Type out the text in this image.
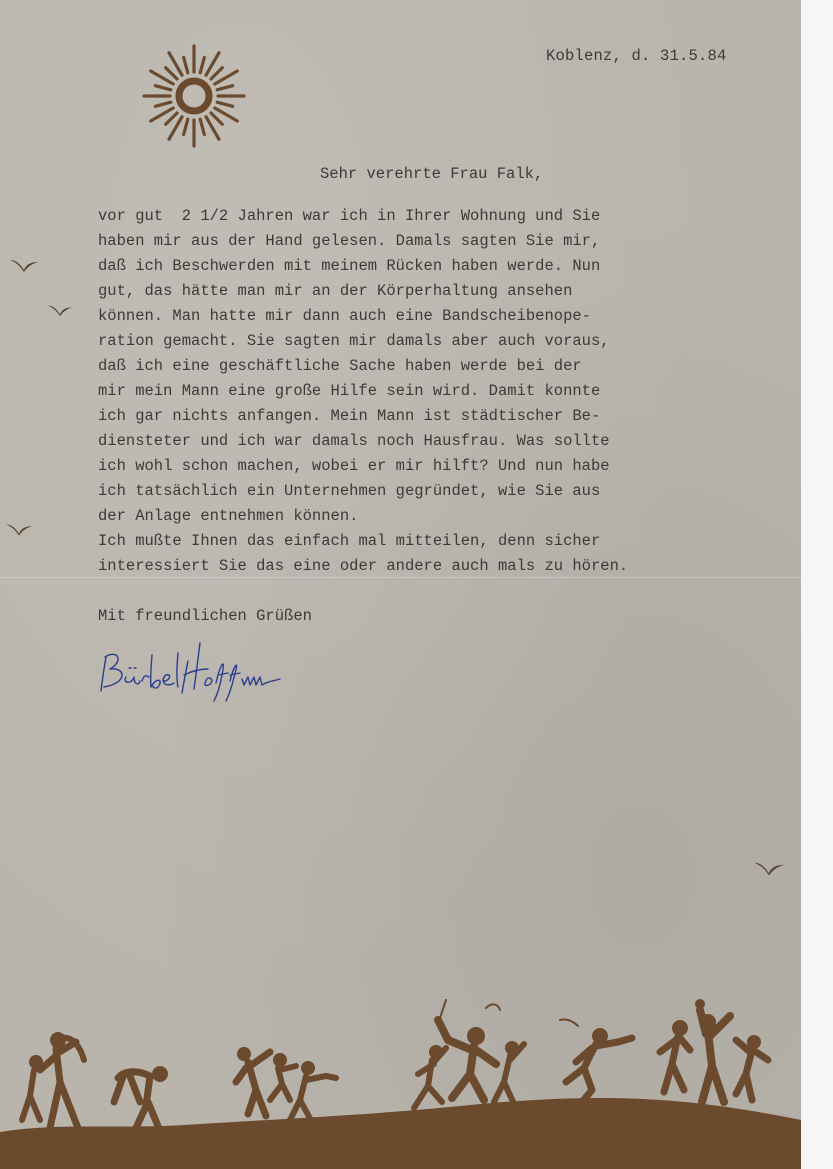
Koblenz, d. 31.5.84
Sehr verehrte Frau Falk,
vor gut  2 1/2 Jahren war ich in Ihrer Wohnung und Sie
haben mir aus der Hand gelesen. Damals sagten Sie mir,
daß ich Beschwerden mit meinem Rücken haben werde. Nun
gut, das hätte man mir an der Körperhaltung ansehen
können. Man hatte mir dann auch eine Bandscheibenope-
ration gemacht. Sie sagten mir damals aber auch voraus,
daß ich eine geschäftliche Sache haben werde bei der
mir mein Mann eine große Hilfe sein wird. Damit konnte
ich gar nichts anfangen. Mein Mann ist städtischer Be-
diensteter und ich war damals noch Hausfrau. Was sollte
ich wohl schon machen, wobei er mir hilft? Und nun habe
ich tatsächlich ein Unternehmen gegründet, wie Sie aus
der Anlage entnehmen können.
Ich mußte Ihnen das einfach mal mitteilen, denn sicher
interessiert Sie das eine oder andere auch mals zu hören.
Mit freundlichen Grüßen
